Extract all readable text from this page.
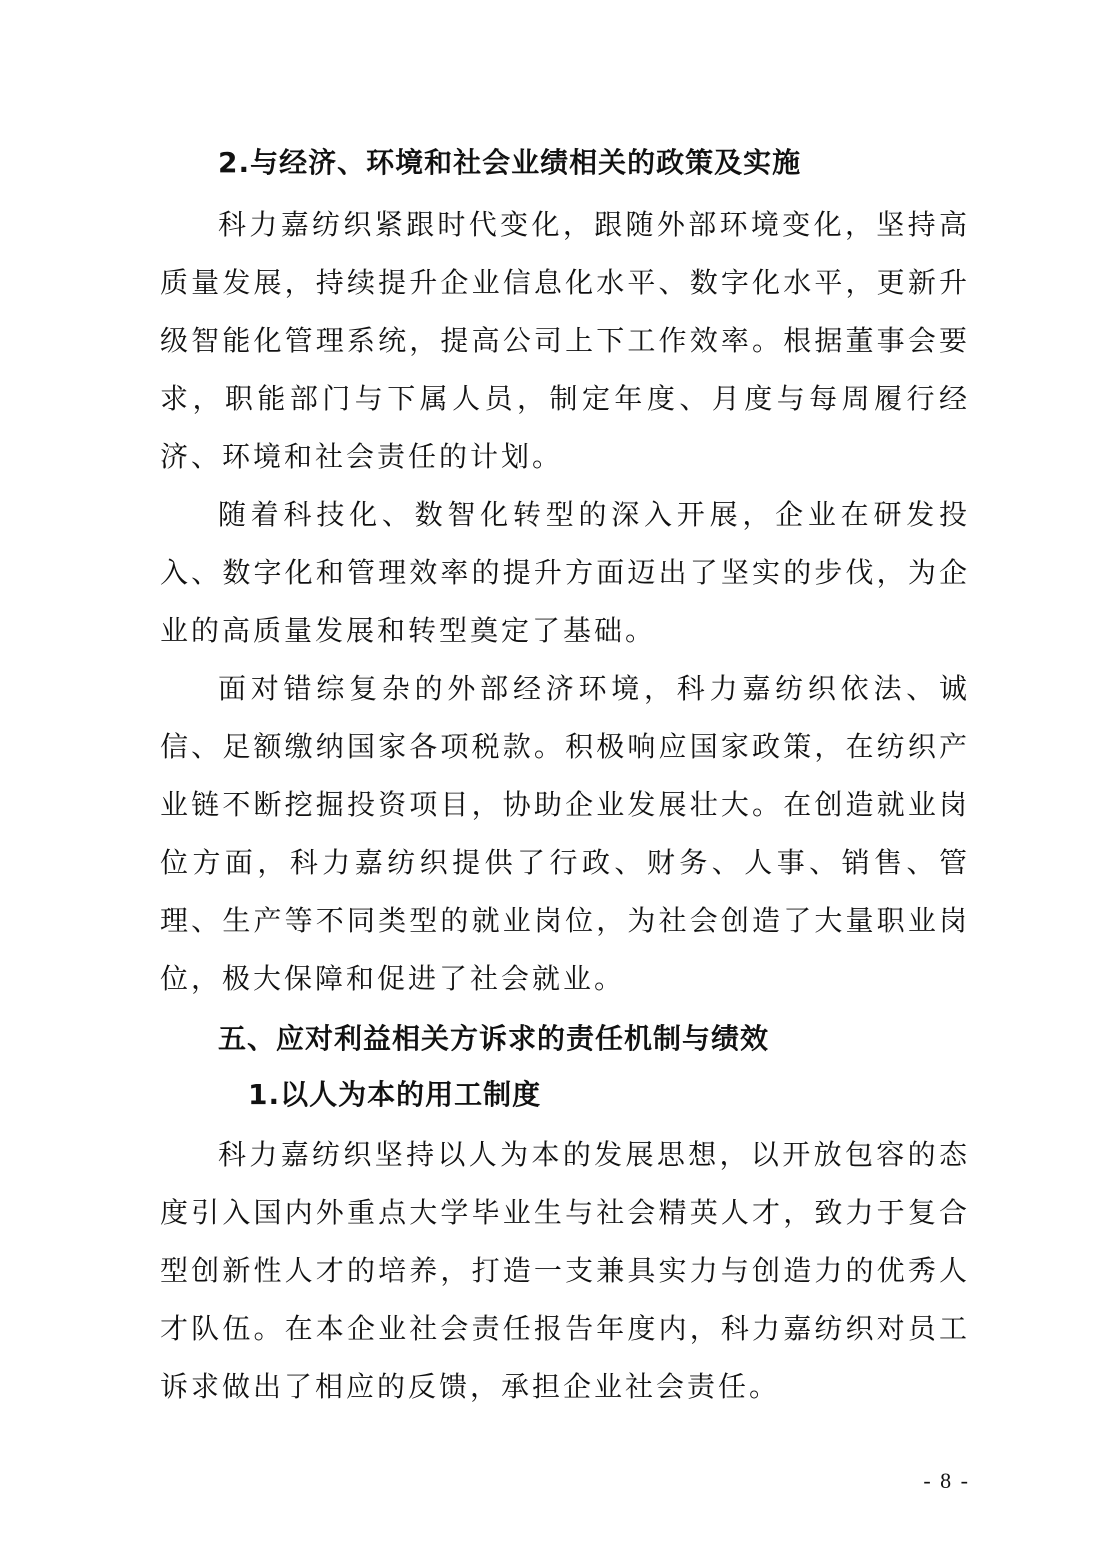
2.与经济、环境和社会业绩相关的政策及实施

科力嘉纺织紧跟时代变化，跟随外部环境变化，坚持高质量发展，持续提升企业信息化水平、数字化水平，更新升级智能化管理系统，提高公司上下工作效率。根据董事会要求，职能部门与下属人员，制定年度、月度与每周履行经济、环境和社会责任的计划。

随着科技化、数智化转型的深入开展，企业在研发投入、数字化和管理效率的提升方面迈出了坚实的步伐，为企业的高质量发展和转型奠定了基础。

面对错综复杂的外部经济环境，科力嘉纺织依法、诚信、足额缴纳国家各项税款。积极响应国家政策，在纺织产业链不断挖掘投资项目，协助企业发展壮大。在创造就业岗位方面，科力嘉纺织提供了行政、财务、人事、销售、管理、生产等不同类型的就业岗位，为社会创造了大量职业岗位，极大保障和促进了社会就业。

五、应对利益相关方诉求的责任机制与绩效
1.以人为本的用工制度

科力嘉纺织坚持以人为本的发展思想，以开放包容的态度引入国内外重点大学毕业生与社会精英人才，致力于复合型创新性人才的培养，打造一支兼具实力与创造力的优秀人才队伍。在本企业社会责任报告年度内，科力嘉纺织对员工诉求做出了相应的反馈，承担企业社会责任。

- 8 -
